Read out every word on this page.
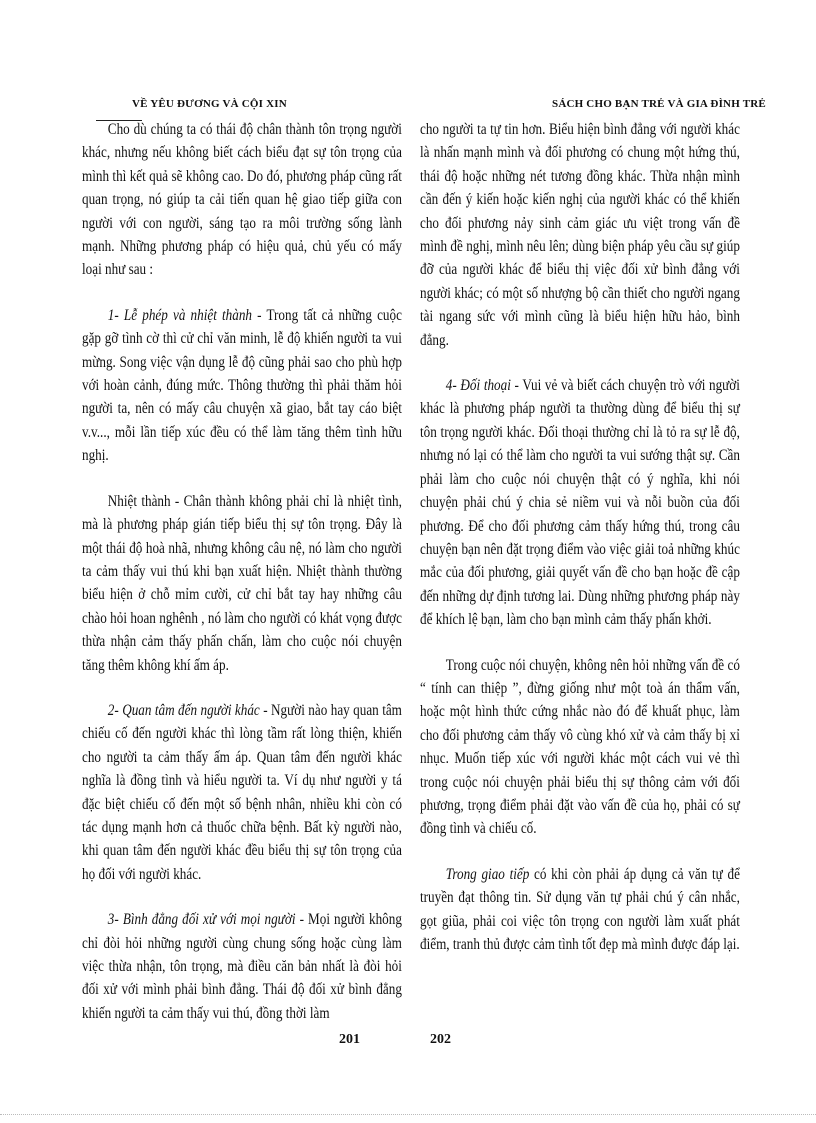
VỀ YÊU ĐƯƠNG VÀ CỘI XIN	SÁCH CHO BẠN TRẺ VÀ GIA ĐÌNH TRẺ

Cho dù chúng ta có thái độ chân thành tôn trọng người khác, nhưng nếu không biết cách biểu đạt sự tôn trọng của mình thì kết quả sẽ không cao. Do đó, phương pháp cũng rất quan trọng, nó giúp ta cải tiến quan hệ giao tiếp giữa con người với con người, sáng tạo ra môi trường sống lành mạnh. Những phương pháp có hiệu quả, chủ yếu có mấy loại như sau :

1- Lễ phép và nhiệt thành - Trong tất cả những cuộc gặp gỡ tình cờ thì cử chỉ văn minh, lễ độ khiến người ta vui mừng. Song việc vận dụng lễ độ cũng phải sao cho phù hợp với hoàn cảnh, đúng mức. Thông thường thì phải thăm hỏi người ta, nên có mấy câu chuyện xã giao, bắt tay cáo biệt v.v..., mỗi lần tiếp xúc đều có thể làm tăng thêm tình hữu nghị.

Nhiệt thành - Chân thành không phải chỉ là nhiệt tình, mà là phương pháp gián tiếp biểu thị sự tôn trọng. Đây là một thái độ hoà nhã, nhưng không câu nệ, nó làm cho người ta cảm thấy vui thú khi bạn xuất hiện. Nhiệt thành thường biểu hiện ở chỗ mỉm cười, cử chỉ bắt tay hay những câu chào hỏi hoan nghênh , nó làm cho người có khát vọng được thừa nhận cảm thấy phấn chấn, làm cho cuộc nói chuyện tăng thêm không khí ấm áp.

2- Quan tâm đến người khác - Người nào hay quan tâm chiếu cố đến người khác thì lòng tầm rất lòng thiện, khiến cho người ta cảm thấy ấm áp. Quan tâm đến người khác nghĩa là đồng tình và hiểu người ta. Ví dụ như người y tá đặc biệt chiếu cố đến một số bệnh nhân, nhiều khi còn có tác dụng mạnh hơn cả thuốc chữa bệnh. Bất kỳ người nào, khi quan tâm đến người khác đều biểu thị sự tôn trọng của họ đối với người khác.

3- Bình đẳng đối xử với mọi người - Mọi người không chỉ đòi hỏi những người cùng chung sống hoặc cùng làm việc thừa nhận, tôn trọng, mà điều căn bản nhất là đòi hỏi đối xử với mình phải bình đẳng. Thái độ đối xử bình đẳng khiến người ta cảm thấy vui thú, đồng thời làm

cho người ta tự tin hơn. Biểu hiện bình đẳng với người khác là nhấn mạnh mình và đối phương có chung một hứng thú, thái độ hoặc những nét tương đồng khác. Thừa nhận mình cần đến ý kiến hoặc kiến nghị của người khác có thể khiến cho đối phương nảy sinh cảm giác ưu việt trong vấn đề mình đề nghị, mình nêu lên; dùng biện pháp yêu cầu sự giúp đỡ của người khác để biểu thị việc đối xử bình đẳng với người khác; có một số nhượng bộ cần thiết cho người ngang tài ngang sức với mình cũng là biểu hiện hữu hảo, bình đẳng.

4- Đối thoại - Vui vẻ và biết cách chuyện trò với người khác là phương pháp người ta thường dùng để biểu thị sự tôn trọng người khác. Đối thoại thường chỉ là tỏ ra sự lễ độ, nhưng nó lại có thể làm cho người ta vui sướng thật sự. Cần phải làm cho cuộc nói chuyện thật có ý nghĩa, khi nói chuyện phải chú ý chia sẻ niềm vui và nỗi buồn của đối phương. Để cho đối phương cảm thấy hứng thú, trong câu chuyện bạn nên đặt trọng điểm vào việc giải toả những khúc mắc của đối phương, giải quyết vấn đề cho bạn hoặc đề cập đến những dự định tương lai. Dùng những phương pháp này để khích lệ bạn, làm cho bạn mình cảm thấy phấn khởi.

Trong cuộc nói chuyện, không nên hỏi những vấn đề có “ tính can thiệp ”, đừng giống như một toà án thẩm vấn, hoặc một hình thức cứng nhắc nào đó để khuất phục, làm cho đối phương cảm thấy vô cùng khó xử và cảm thấy bị xỉ nhục. Muốn tiếp xúc với người khác một cách vui vẻ thì trong cuộc nói chuyện phải biểu thị sự thông cảm với đối phương, trọng điểm phải đặt vào vấn đề của họ, phải có sự đồng tình và chiếu cố.

Trong giao tiếp có khi còn phải áp dụng cả văn tự để truyền đạt thông tin. Sử dụng văn tự phải chú ý cân nhắc, gọt giũa, phải coi việc tôn trọng con người làm xuất phát điểm, tranh thủ được cảm tình tốt đẹp mà mình được đáp lại.

201	202
